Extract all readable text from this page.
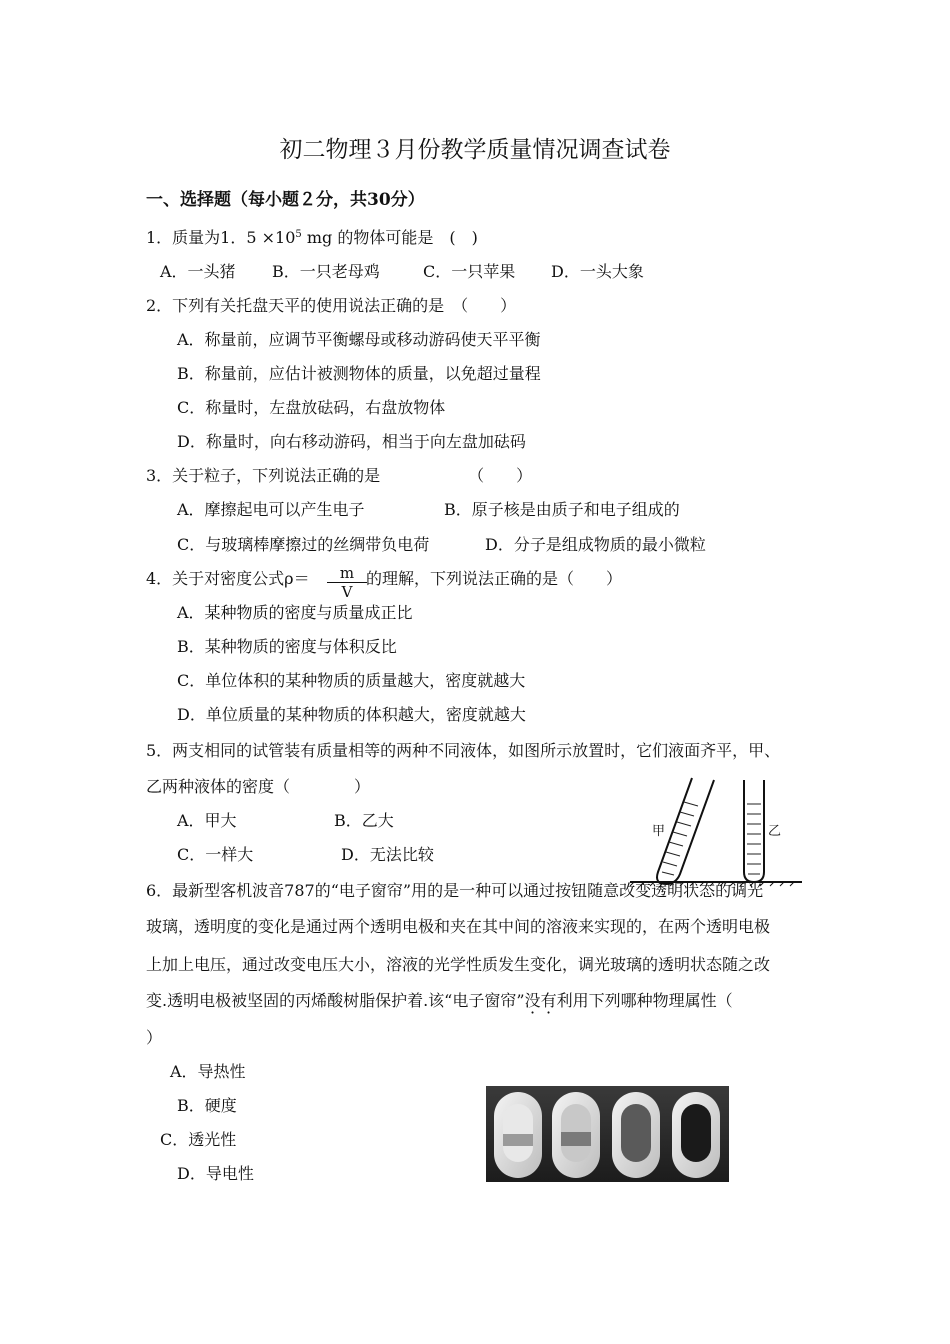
初二物理３月份教学质量情况调查试卷
一、选择题（每小题２分，共30分）
1．质量为1．$5 \times 10^5$ mg 的物体可能是　(　)
A．一头猪 B．一只老母鸡	C．一只苹果 D．一头大象
2．下列有关托盘天平的使用说法正确的是　（　　）
A．称量前，应调节平衡螺母或移动游码使天平平衡
B．称量前，应估计被测物体的质量，以免超过量程
C．称量时，左盘放砝码，右盘放物体
D．称量时，向右移动游码，相当于向左盘加砝码
3．关于粒子，下列说法正确的是　　　　　　（　　）
A．摩擦起电可以产生电子	B．原子核是由质子和电子组成的
C．与玻璃棒摩擦过的丝绸带负电荷	D．分子是组成物质的最小微粒
4．关于对密度公式$\rho= \frac{m}{V}$ 的理解，下列说法正确的是（　　）
A．某种物质的密度与质量成正比
B．某种物质的密度与体积反比
C．单位体积的某种物质的质量越大，密度就越大
D．单位质量的某种物质的体积越大，密度就越大
5．两支相同的试管装有质量相等的两种不同液体，如图所示放置时，它们液面齐平，甲、
乙两种液体的密度（　　　　）
A．甲大	B．乙大
C．一样大	D．无法比较
甲	乙
6．最新型客机波音787的“电子窗帘”用的是一种可以通过按钮随意改变透明状态的调光
玻璃，透明度的变化是通过两个透明电极和夹在其中间的溶液来实现的，在两个透明电极
上加上电压，通过改变电压大小，溶液的光学性质发生变化，调光玻璃的透明状态随之改
变.透明电极被坚固的丙烯酸树脂保护着.该“电子窗帘”没有利用下列哪种物理属性（
）
A．导热性
B．硬度
C．透光性
D．导电性
